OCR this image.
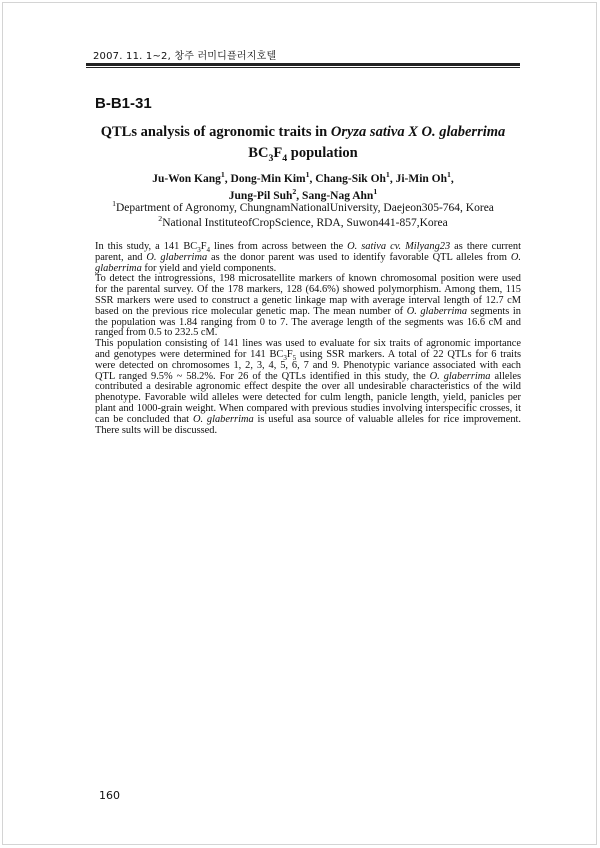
2007. 11. 1~2, 창주 러미디플러지호텔
B-B1-31
QTLs analysis of agronomic traits in Oryza sativa X O. glaberrima
$BC_3F_4$ population
Ju-Won Kang$^1$, Dong-Min Kim$^1$, Chang-Sik Oh$^1$, Ji-Min Oh$^1$,
Jung-Pil Suh$^2$, Sang-Nag Ahn$^1$
$^1$Department of Agronomy, ChungnamNationalUniversity, Daejeon305-764, Korea
$^2$National InstituteofCropScience, RDA, Suwon441-857,Korea

In this study, a 141 $BC_3F_4$ lines from across between the O. sativa cv. Milyang23 as there current parent, and O. glaberrima as the donor parent was used to identify favorable QTL alleles from O. glaberrima for yield and yield components.

To detect the introgressions, 198 microsatellite markers of known chromosomal position were used for the parental survey. Of the 178 markers, 128 (64.6%) showed polymorphism. Among them, 115 SSR markers were used to construct a genetic linkage map with average interval length of 12.7 cM based on the previous rice molecular genetic map. The mean number of O. glaberrima segments in the population was 1.84 ranging from 0 to 7. The average length of the segments was 16.6 cM and ranged from 0.5 to 232.5 cM.

This population consisting of 141 lines was used to evaluate for six traits of agronomic importance and genotypes were determined for 141 $BC_3F_5$ using SSR markers. A total of 22 QTLs for 6 traits were detected on chromosomes 1, 2, 3, 4, 5, 6, 7 and 9. Phenotypic variance associated with each QTL ranged 9.5% ~ 58.2%. For 26 of the QTLs identified in this study, the O. glaberrima alleles contributed a desirable agronomic effect despite the over all undesirable characteristics of the wild phenotype. Favorable wild alleles were detected for culm length, panicle length, yield, panicles per plant and 1000-grain weight. When compared with previous studies involving interspecific crosses, it can be concluded that O. glaberrima is useful asa source of valuable alleles for rice improvement. There sults will be discussed.

160
